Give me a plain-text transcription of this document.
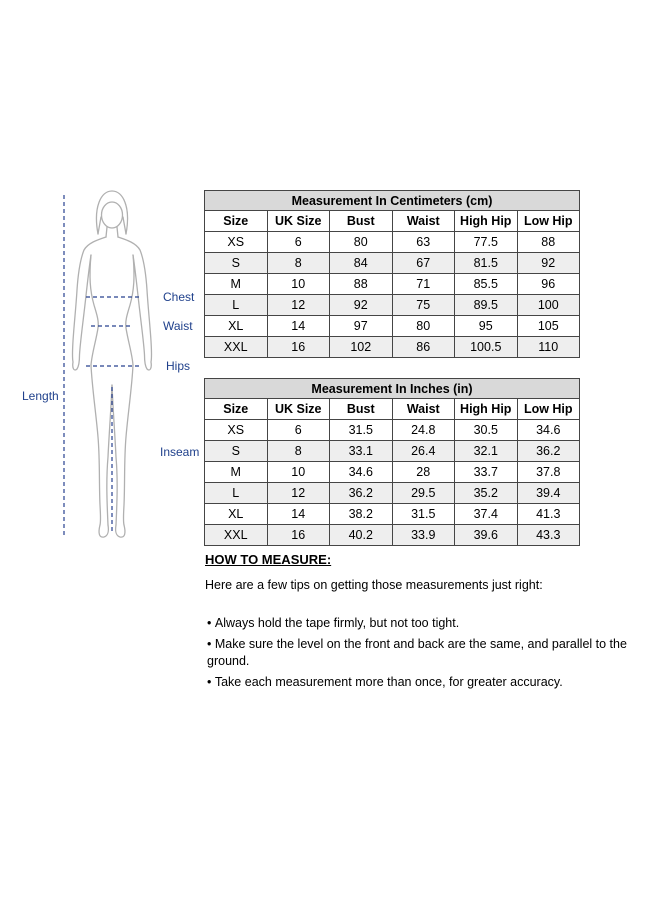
Length
Chest
Waist
Hips
Inseam
Measurement In Centimeters (cm)					
Size	UK Size	Bust	Waist	High Hip	Low Hip
XS	6	80	63	77.5	88
S	8	84	67	81.5	92
M	10	88	71	85.5	96
L	12	92	75	89.5	100
XL	14	97	80	95	105
XXL	16	102	86	100.5	110
Measurement In Inches (in)					
Size	UK Size	Bust	Waist	High Hip	Low Hip
XS	6	31.5	24.8	30.5	34.6
S	8	33.1	26.4	32.1	36.2
M	10	34.6	28	33.7	37.8
L	12	36.2	29.5	35.2	39.4
XL	14	38.2	31.5	37.4	41.3
XXL	16	40.2	33.9	39.6	43.3
HOW TO MEASURE:
Here are a few tips on getting those measurements just right:
• Always hold the tape firmly, but not too tight.
• Make sure the level on the front and back are the same, and parallel to the ground.
• Take each measurement more than once, for greater accuracy.
